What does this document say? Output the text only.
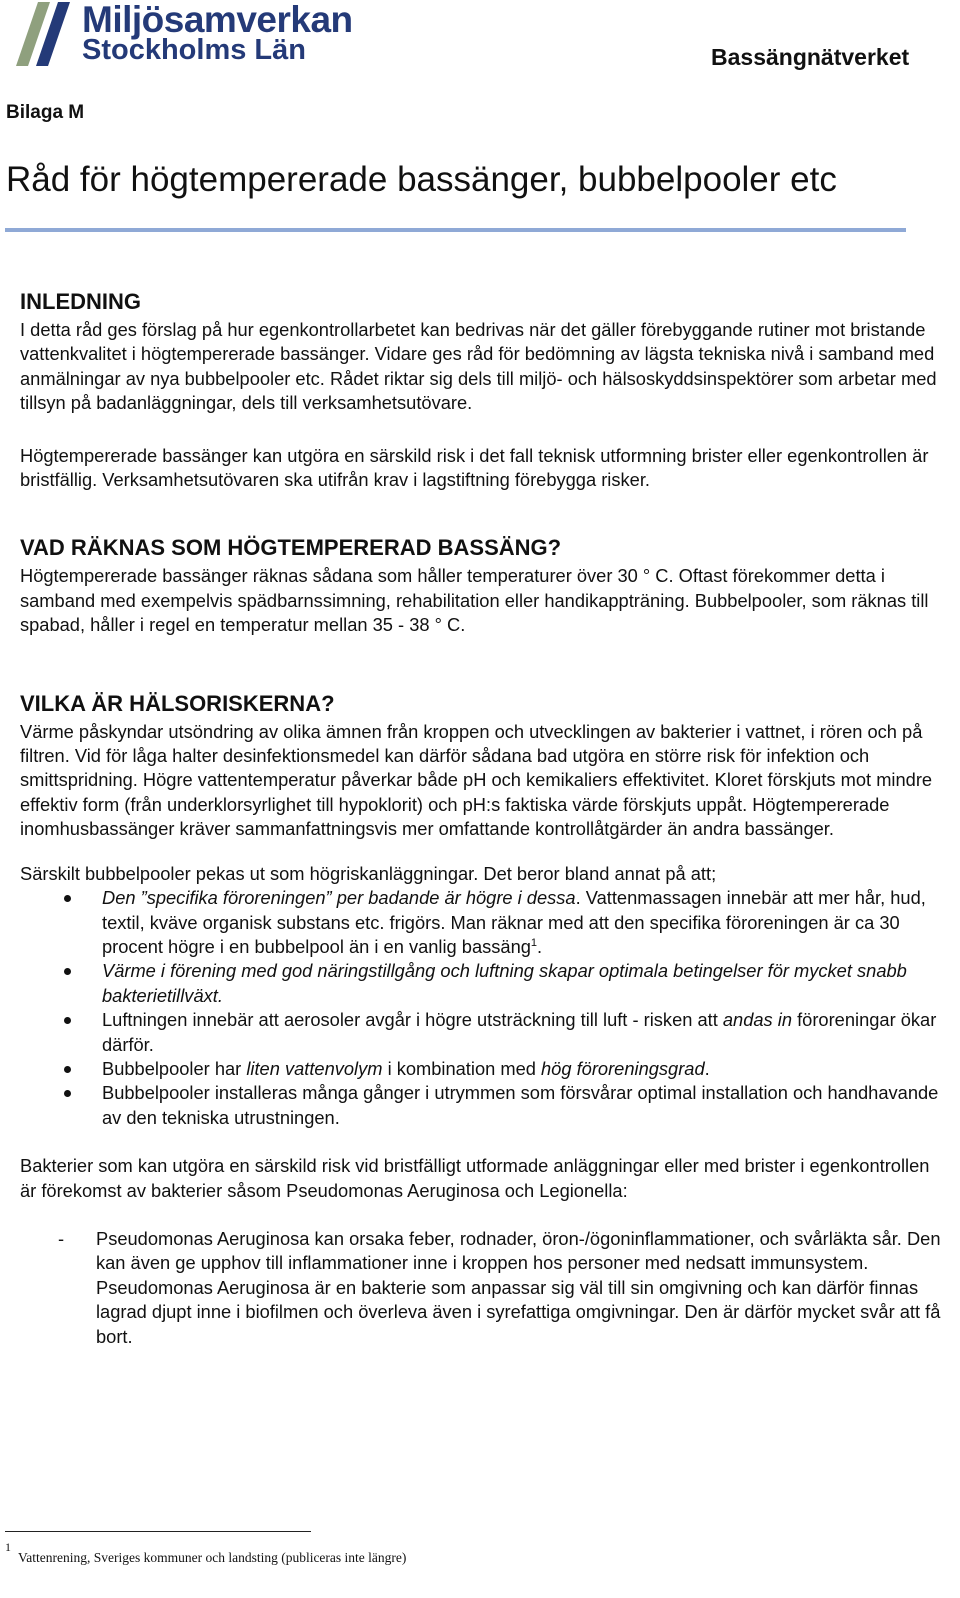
Miljösamverkan
Stockholms Län	Bassängnätverket
Bilaga M
Råd för högtempererade bassänger, bubbelpooler etc
INLEDNING

I detta råd ges förslag på hur egenkontrollarbetet kan bedrivas när det gäller förebyggande rutiner mot bristande vattenkvalitet i högtempererade bassänger. Vidare ges råd för bedömning av lägsta tekniska nivå i samband med anmälningar av nya bubbelpooler etc. Rådet riktar sig dels till miljö- och hälsoskyddsinspektörer som arbetar med tillsyn på badanläggningar, dels till verksamhetsutövare.

Högtempererade bassänger kan utgöra en särskild risk i det fall teknisk utformning brister eller egenkontrollen är bristfällig. Verksamhetsutövaren ska utifrån krav i lagstiftning förebygga risker.

VAD RÄKNAS SOM HÖGTEMPERERAD BASSÄNG?

Högtempererade bassänger räknas sådana som håller temperaturer över 30 ° C. Oftast förekommer detta i samband med exempelvis spädbarnssimning, rehabilitation eller handikappträning. Bubbelpooler, som räknas till spabad, håller i regel en temperatur mellan 35 - 38 ° C.

VILKA ÄR HÄLSORISKERNA?

Värme påskyndar utsöndring av olika ämnen från kroppen och utvecklingen av bakterier i vattnet, i rören och på filtren. Vid för låga halter desinfektionsmedel kan därför sådana bad utgöra en större risk för infektion och smittspridning. Högre vattentemperatur påverkar både pH och kemikaliers effektivitet. Kloret förskjuts mot mindre effektiv form (från underklorsyrlighet till hypoklorit) och pH:s faktiska värde förskjuts uppåt. Högtempererade inomhusbassänger kräver sammanfattningsvis mer omfattande kontrollåtgärder än andra bassänger.

Särskilt bubbelpooler pekas ut som högriskanläggningar. Det beror bland annat på att;

Den ”specifika föroreningen” per badande är högre i dessa. Vattenmassagen innebär att mer hår, hud, textil, kväve organisk substans etc. frigörs. Man räknar med att den specifika föroreningen är ca 30 procent högre i en bubbelpool än i en vanlig bassäng$^1$.
Värme i förening med god näringstillgång och luftning skapar optimala betingelser för mycket snabb bakterietillväxt.
Luftningen innebär att aerosoler avgår i högre utsträckning till luft - risken att andas in föroreningar ökar därför.
Bubbelpooler har liten vattenvolym i kombination med hög föroreningsgrad.
Bubbelpooler installeras många gånger i utrymmen som försvårar optimal installation och handhavande av den tekniska utrustningen.

Bakterier som kan utgöra en särskild risk vid bristfälligt utformade anläggningar eller med brister i egenkontrollen är förekomst av bakterier såsom Pseudomonas Aeruginosa och Legionella:

- Pseudomonas Aeruginosa kan orsaka feber, rodnader, öron-/ögoninflammationer, och svårläkta sår. Den kan även ge upphov till inflammationer inne i kroppen hos personer med nedsatt immunsystem. Pseudomonas Aeruginosa är en bakterie som anpassar sig väl till sin omgivning och kan därför finnas lagrad djupt inne i biofilmen och överleva även i syrefattiga omgivningar. Den är därför mycket svår att få bort.
1
Vattenrening, Sveriges kommuner och landsting (publiceras inte längre)
